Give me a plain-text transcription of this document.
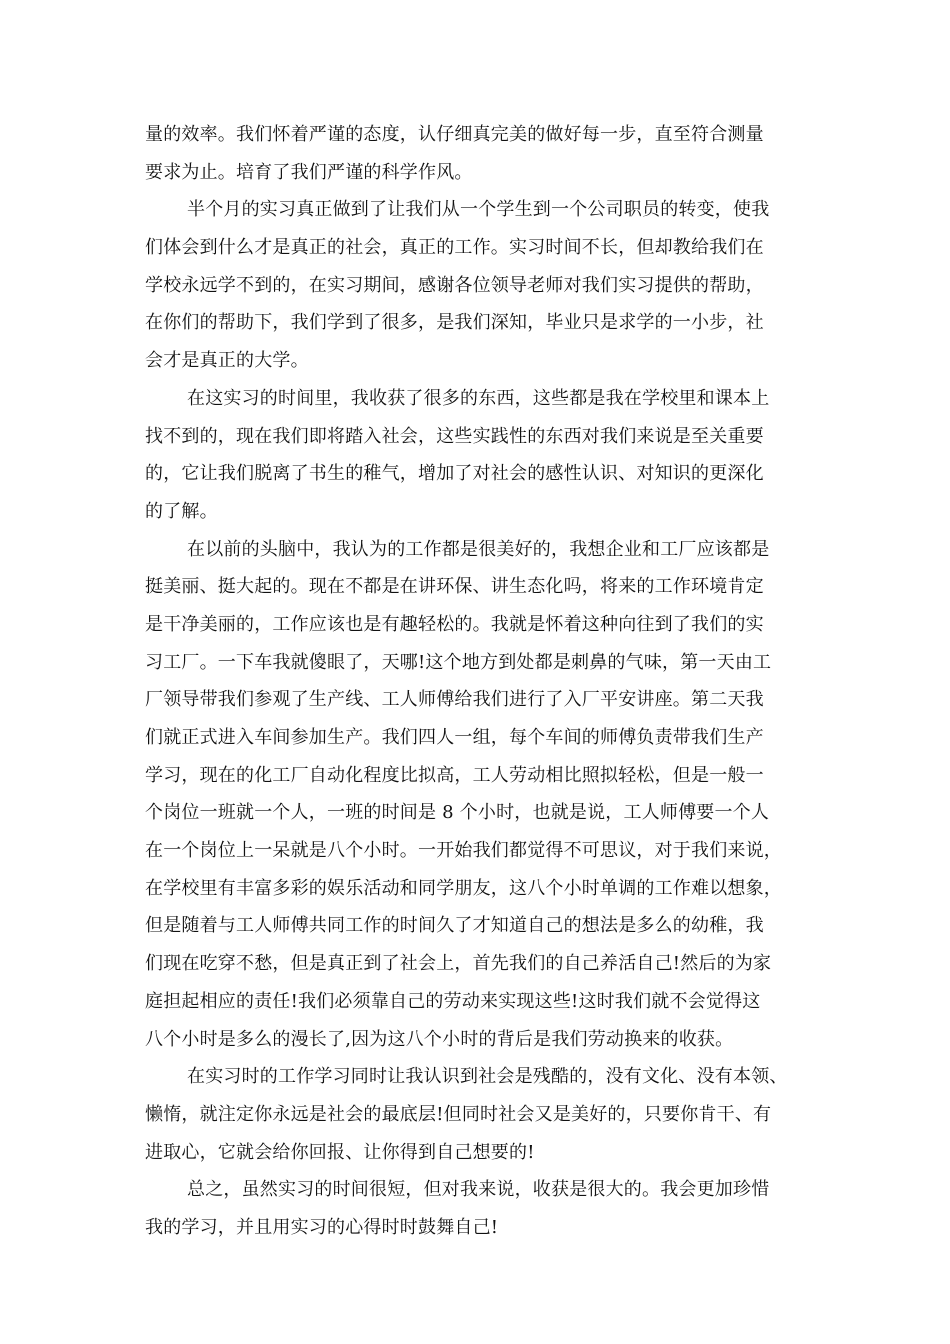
量的效率。我们怀着严谨的态度，认仔细真完美的做好每一步，直至符合测量
要求为止。培育了我们严谨的科学作风。
半个月的实习真正做到了让我们从一个学生到一个公司职员的转变，使我
们体会到什么才是真正的社会，真正的工作。实习时间不长，但却教给我们在
学校永远学不到的，在实习期间，感谢各位领导老师对我们实习提供的帮助，
在你们的帮助下，我们学到了很多，是我们深知，毕业只是求学的一小步，社
会才是真正的大学。
在这实习的时间里，我收获了很多的东西，这些都是我在学校里和课本上
找不到的，现在我们即将踏入社会，这些实践性的东西对我们来说是至关重要
的，它让我们脱离了书生的稚气，增加了对社会的感性认识、对知识的更深化
的了解。
在以前的头脑中，我认为的工作都是很美好的，我想企业和工厂应该都是
挺美丽、挺大起的。现在不都是在讲环保、讲生态化吗，将来的工作环境肯定
是干净美丽的，工作应该也是有趣轻松的。我就是怀着这种向往到了我们的实
习工厂。一下车我就傻眼了，天哪!这个地方到处都是刺鼻的气味，第一天由工
厂领导带我们参观了生产线、工人师傅给我们进行了入厂平安讲座。第二天我
们就正式进入车间参加生产。我们四人一组，每个车间的师傅负责带我们生产
学习，现在的化工厂自动化程度比拟高，工人劳动相比照拟轻松，但是一般一
个岗位一班就一个人，一班的时间是 8 个小时，也就是说，工人师傅要一个人
在一个岗位上一呆就是八个小时。一开始我们都觉得不可思议，对于我们来说，
在学校里有丰富多彩的娱乐活动和同学朋友，这八个小时单调的工作难以想象，
但是随着与工人师傅共同工作的时间久了才知道自己的想法是多么的幼稚，我
们现在吃穿不愁，但是真正到了社会上，首先我们的自己养活自己!然后的为家
庭担起相应的责任!我们必须靠自己的劳动来实现这些!这时我们就不会觉得这
八个小时是多么的漫长了,因为这八个小时的背后是我们劳动换来的收获。
在实习时的工作学习同时让我认识到社会是残酷的，没有文化、没有本领、
懒惰，就注定你永远是社会的最底层!但同时社会又是美好的，只要你肯干、有
进取心，它就会给你回报、让你得到自己想要的!
总之，虽然实习的时间很短，但对我来说，收获是很大的。我会更加珍惜
我的学习，并且用实习的心得时时鼓舞自己!
